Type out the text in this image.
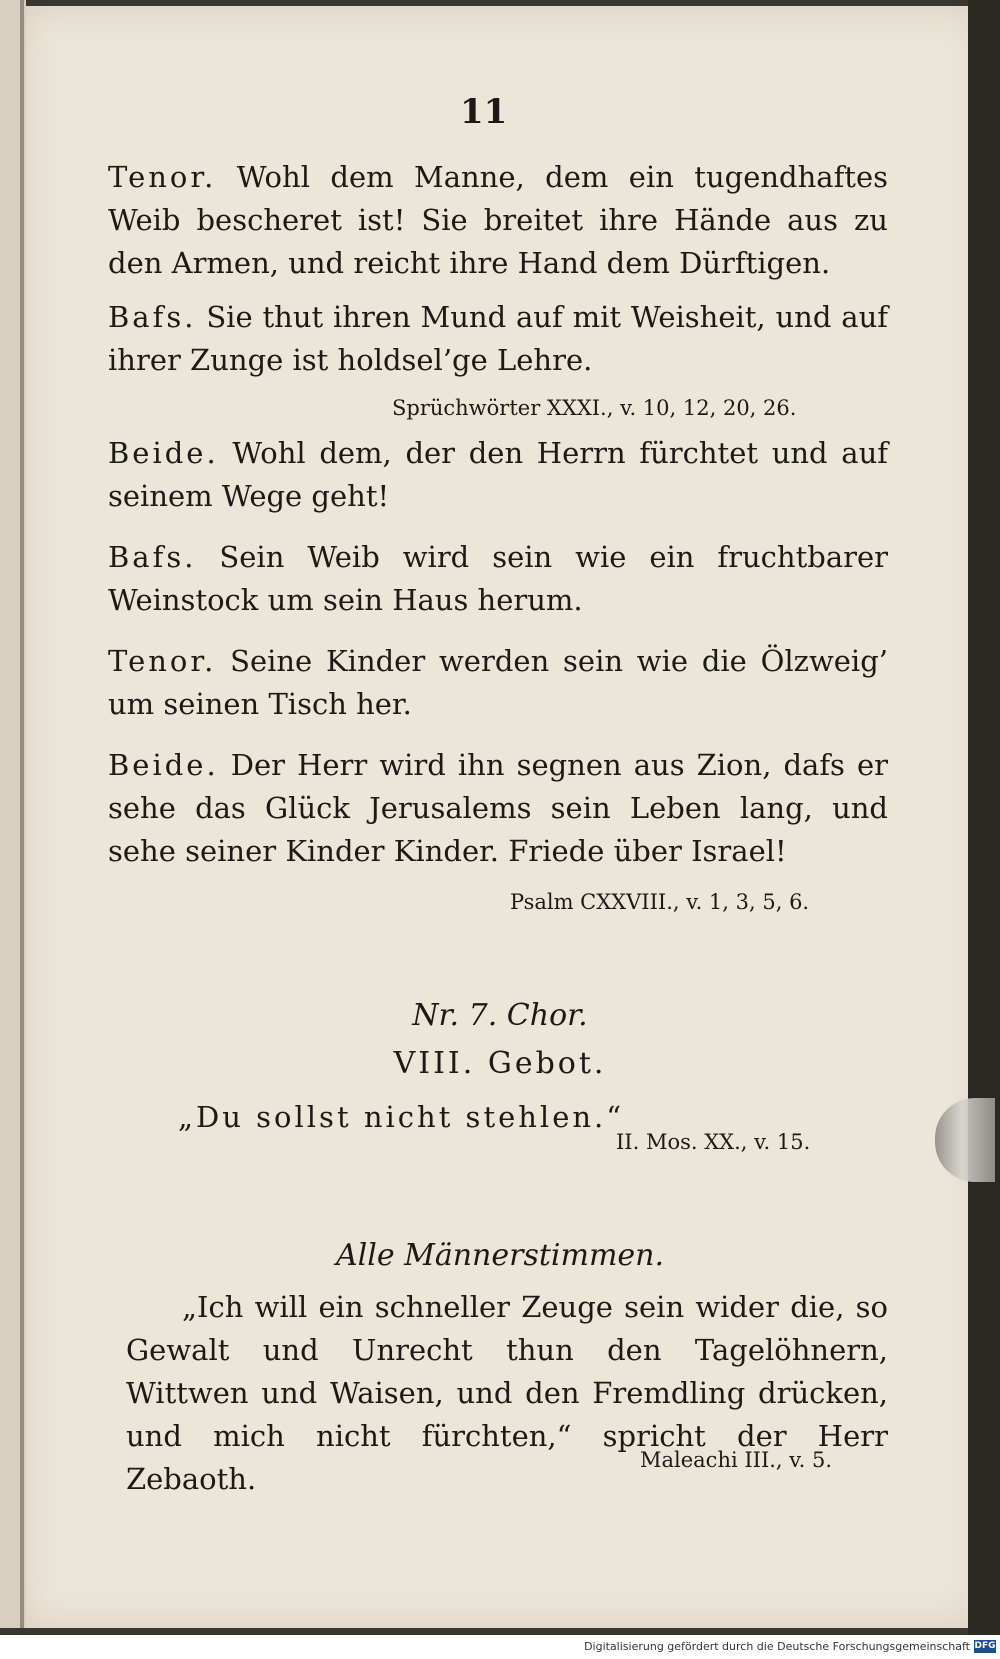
11

Tenor. Wohl dem Manne, dem ein tugendhaftes Weib bescheret ist! Sie breitet ihre Hände aus zu den Armen, und reicht ihre Hand dem Dürftigen.

Bafs. Sie thut ihren Mund auf mit Weisheit, und auf ihrer Zunge ist holdsel’ge Lehre.

Sprüchwörter XXXI., v. 10, 12, 20, 26.

Beide. Wohl dem, der den Herrn fürchtet und auf seinem Wege geht!

Bafs. Sein Weib wird sein wie ein fruchtbarer Weinstock um sein Haus herum.

Tenor. Seine Kinder werden sein wie die Ölzweig’ um seinen Tisch her.

Beide. Der Herr wird ihn segnen aus Zion, dafs er sehe das Glück Jerusalems sein Leben lang, und sehe seiner Kinder Kinder. Friede über Israel!

Psalm CXXVIII., v. 1, 3, 5, 6.
Nr. 7. Chor.
VIII. Gebot.
„Du sollst nicht stehlen.“
II. Mos. XX., v. 15.
Alle Männerstimmen.

„Ich will ein schneller Zeuge sein wider die, so Gewalt und Unrecht thun den Tagelöhnern, Wittwen und Waisen, und den Fremdling drücken, und mich nicht fürchten,“ spricht der Herr Zebaoth.

Maleachi III., v. 5.
Digitalisierung gefördert durch die Deutsche Forschungsgemeinschaft DFG
